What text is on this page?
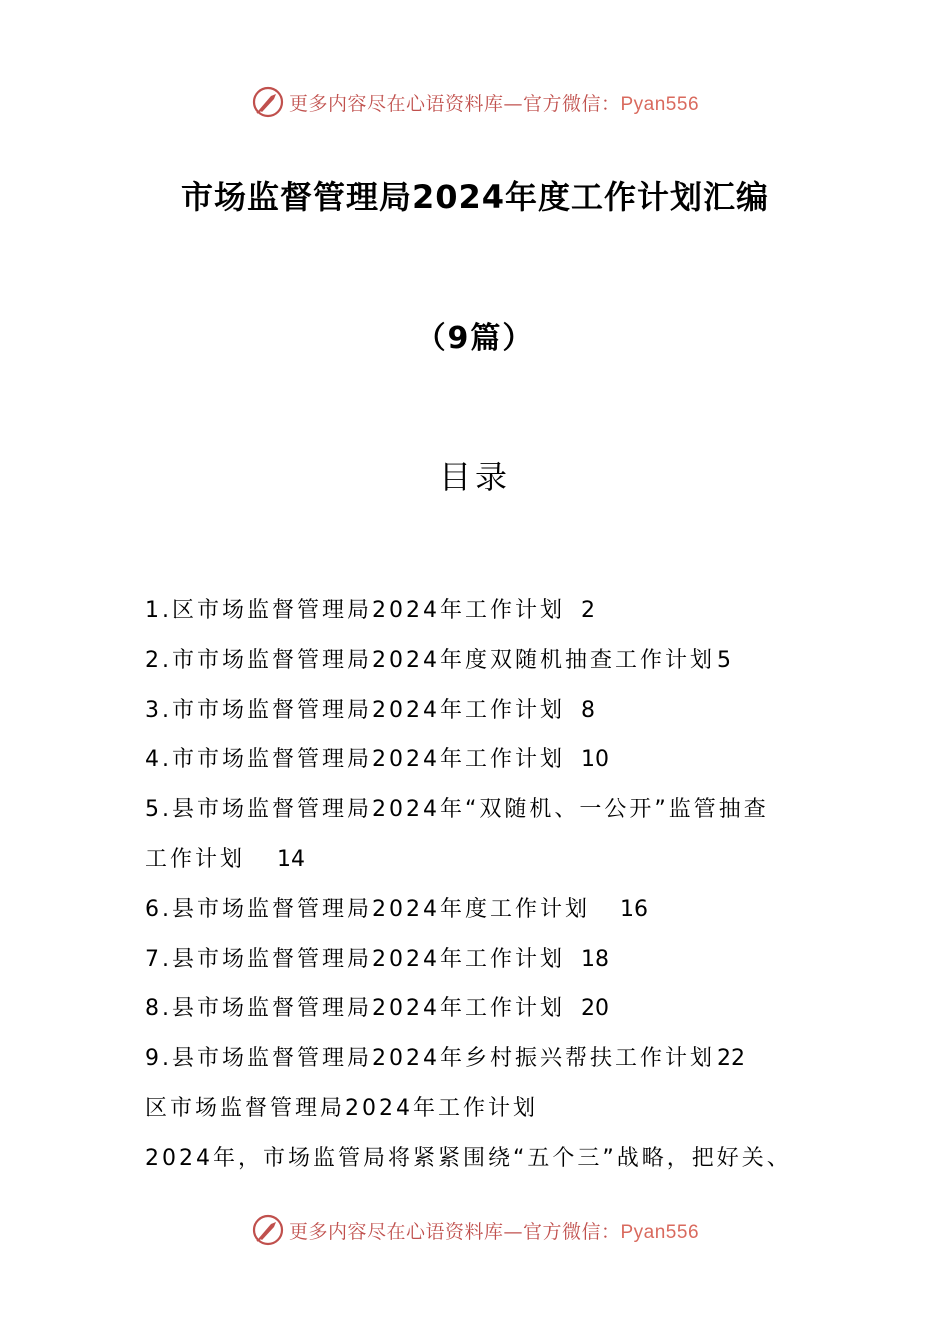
更多内容尽在心语资料库—官方微信：Pyan556
市场监督管理局2024年度工作计划汇编
（9篇）
目录
1.区市场监督管理局2024年工作计划 2
2.市市场监督管理局2024年度双随机抽查工作计划5
3.市市场监督管理局2024年工作计划 8
4.市市场监督管理局2024年工作计划 10
5.县市场监督管理局2024年“双随机、一公开”监管抽查
工作计划 14
6.县市场监督管理局2024年度工作计划 16
7.县市场监督管理局2024年工作计划 18
8.县市场监督管理局2024年工作计划 20
9.县市场监督管理局2024年乡村振兴帮扶工作计划22
区市场监督管理局2024年工作计划
2024年，市场监管局将紧紧围绕“五个三”战略，把好关、
更多内容尽在心语资料库—官方微信：Pyan556
